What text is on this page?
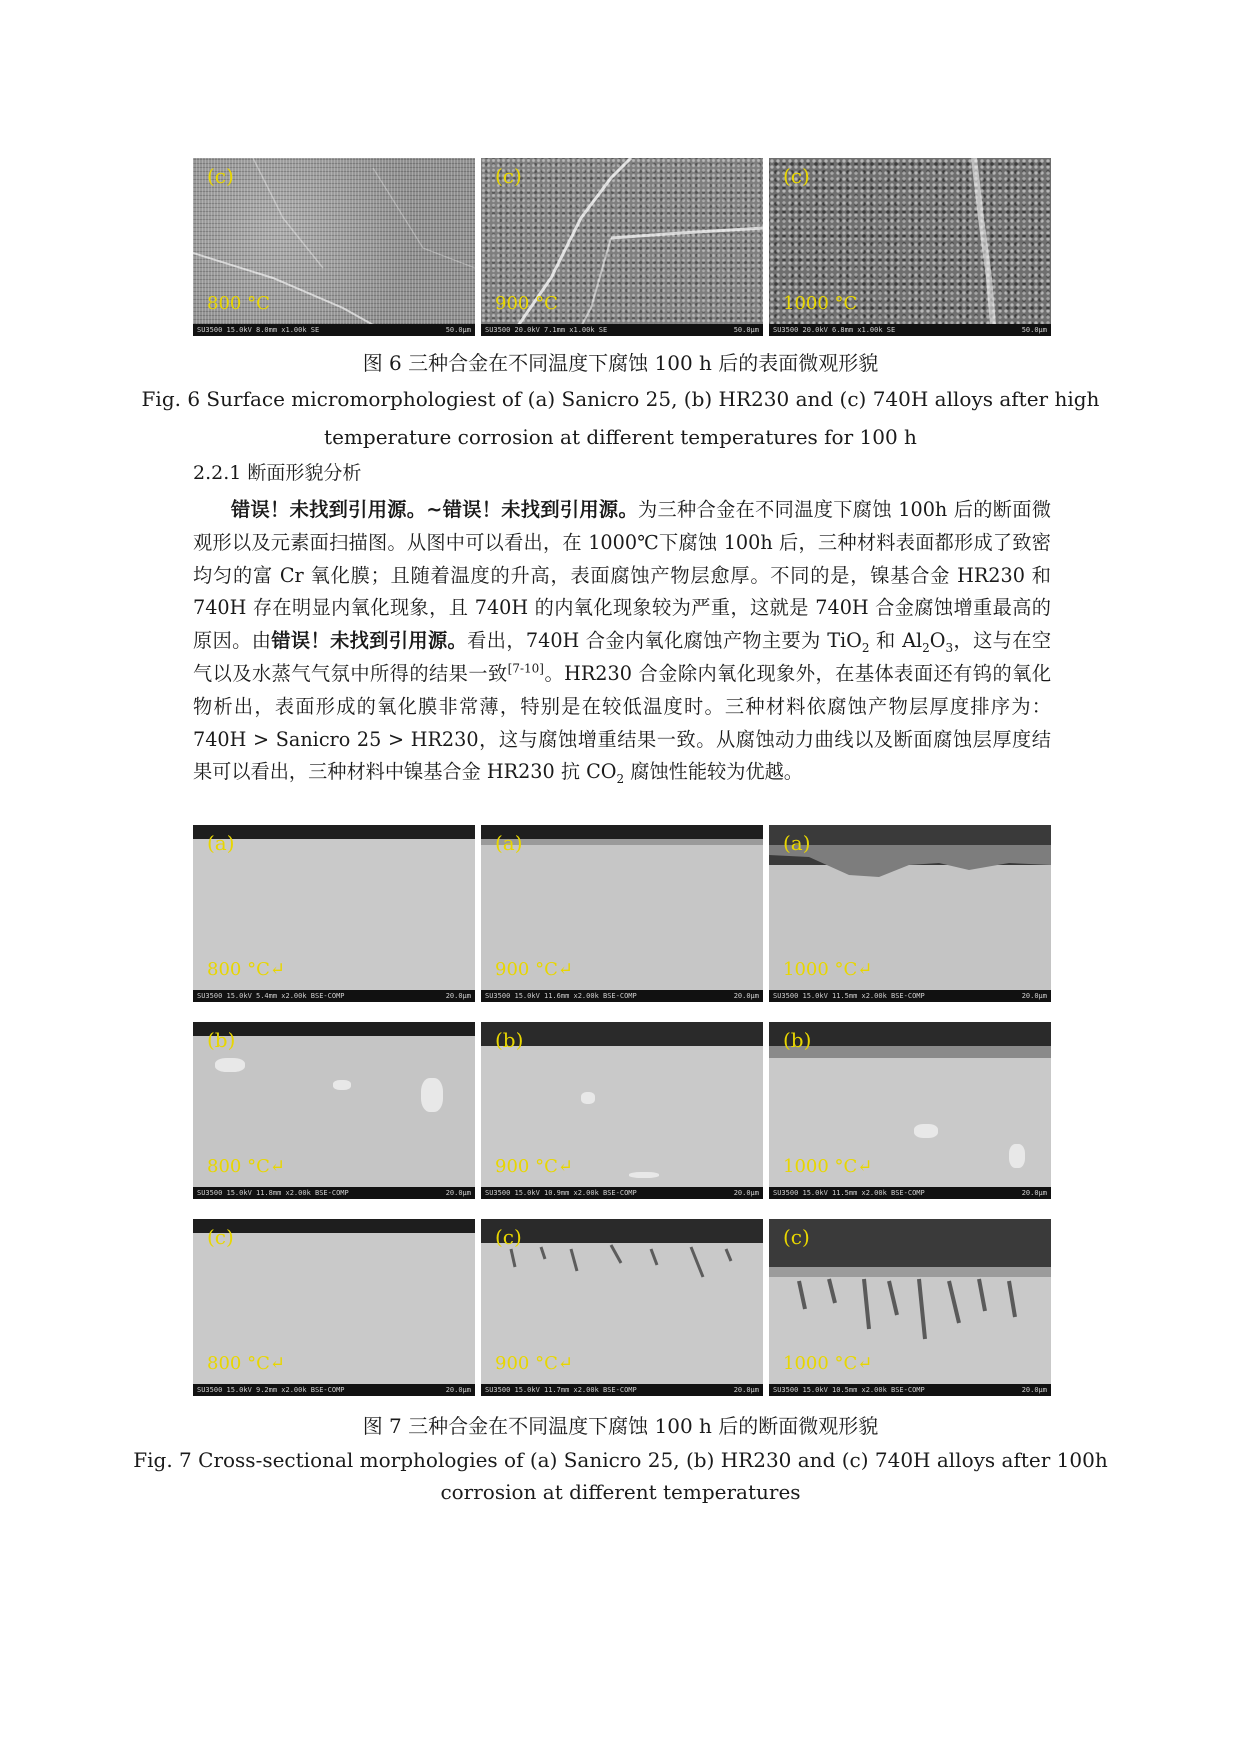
(c)
800 °C
SU3500 15.0kV 8.0mm x1.00k SE	50.0μm
(c)
900 °C
SU3500 20.0kV 7.1mm x1.00k SE	50.0μm
(c)
1000 °C
SU3500 20.0kV 6.8mm x1.00k SE	50.0μm
图 6 三种合金在不同温度下腐蚀 100 h 后的表面微观形貌
Fig. 6 Surface micromorphologiest of (a) Sanicro 25, (b) HR230 and (c) 740H alloys after high
temperature corrosion at different temperatures for 100 h
2.2.1 断面形貌分析
错误！未找到引用源。~错误！未找到引用源。为三种合金在不同温度下腐蚀 100h 后的断面微观形以及元素面扫描图。从图中可以看出，在 1000℃下腐蚀 100h 后，三种材料表面都形成了致密均匀的富 Cr 氧化膜；且随着温度的升高，表面腐蚀产物层愈厚。不同的是，镍基合金 HR230 和 740H 存在明显内氧化现象，且 740H 的内氧化现象较为严重，这就是 740H 合金腐蚀增重最高的原因。由错误！未找到引用源。看出，740H 合金内氧化腐蚀产物主要为 TiO$_2$ 和 $Al_2O_3$，这与在空气以及水蒸气气氛中所得的结果一致[7-10]。HR230 合金除内氧化现象外，在基体表面还有钨的氧化物析出，表面形成的氧化膜非常薄，特别是在较低温度时。三种材料依腐蚀产物层厚度排序为：740H > Sanicro 25 > HR230，这与腐蚀增重结果一致。从腐蚀动力曲线以及断面腐蚀层厚度结果可以看出，三种材料中镍基合金 HR230 抗 $CO_2$ 腐蚀性能较为优越。
(a)
800 °C↵
SU3500 15.0kV 5.4mm x2.00k BSE-COMP	20.0μm
(a)
900 °C↵
SU3500 15.0kV 11.6mm x2.00k BSE-COMP	20.0μm
(a)
1000 °C↵
SU3500 15.0kV 11.5mm x2.00k BSE-COMP	20.0μm
(b)
800 °C↵
SU3500 15.0kV 11.8mm x2.00k BSE-COMP	20.0μm
(b)
900 °C↵
SU3500 15.0kV 10.9mm x2.00k BSE-COMP	20.0μm
(b)
1000 °C↵
SU3500 15.0kV 11.5mm x2.00k BSE-COMP	20.0μm
(c)
800 °C↵
SU3500 15.0kV 9.2mm x2.00k BSE-COMP	20.0μm
(c)
900 °C↵
SU3500 15.0kV 11.7mm x2.00k BSE-COMP	20.0μm
(c)
1000 °C↵
SU3500 15.0kV 10.5mm x2.00k BSE-COMP	20.0μm
图 7 三种合金在不同温度下腐蚀 100 h 后的断面微观形貌
Fig. 7 Cross-sectional morphologies of (a) Sanicro 25, (b) HR230 and (c) 740H alloys after 100h
corrosion at different temperatures
